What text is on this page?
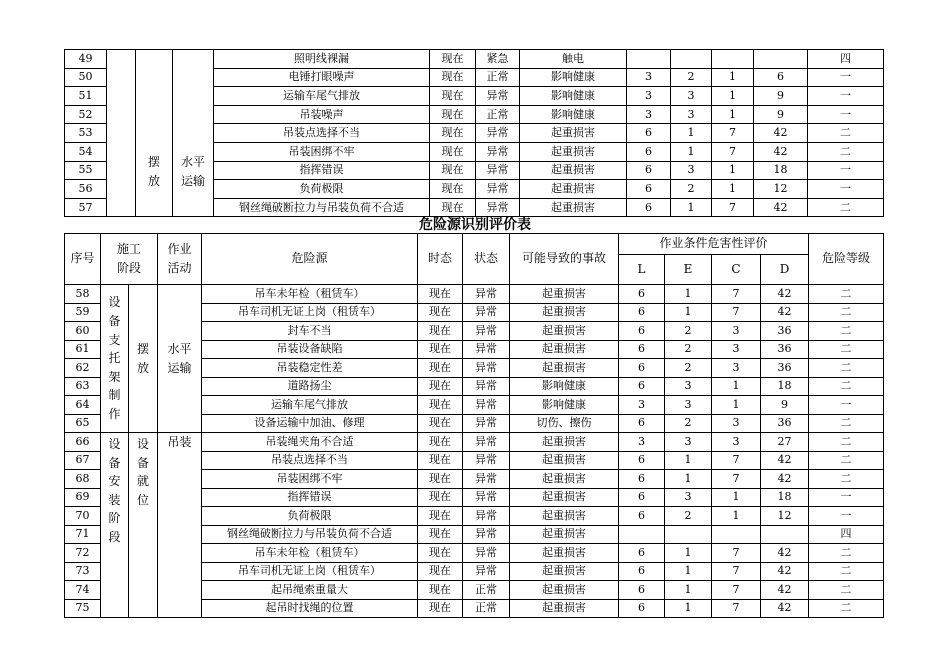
49		摆放	水平运输	照明线裸漏	现在	紧急	触电					四
50				电锤打眼噪声	现在	正常	影响健康	3	2	1	6	一
51				运输车尾气排放	现在	异常	影响健康	3	3	1	9	一
52				吊装噪声	现在	正常	影响健康	3	3	1	9	一
53				吊装点选择不当	现在	异常	起重损害	6	1	7	42	二
54				吊装困绑不牢	现在	异常	起重损害	6	1	7	42	二
55				指挥错误	现在	异常	起重损害	6	3	1	18	一
56				负荷极限	现在	异常	起重损害	6	2	1	12	一
57				钢丝绳破断拉力与吊装负荷不合适	现在	异常	起重损害	6	1	7	42	二
危险源识别评价表
序号	施工阶段		作业活动	危险源	时态	状态	可能导致的事故	作业条件危害性评价				危险等级
								L	E	C	D	
58	设备支托架制作	摆放	水平运输	吊车未年检（租赁车）	现在	异常	起重损害	6	1	7	42	二
59				吊车司机无证上岗（租赁车）	现在	异常	起重损害	6	1	7	42	二
60				封车不当	现在	异常	起重损害	6	2	3	36	二
61				吊装设备缺陷	现在	异常	起重损害	6	2	3	36	二
62				吊装稳定性差	现在	异常	起重损害	6	2	3	36	二
63				道路扬尘	现在	异常	影响健康	6	3	1	18	二
64				运输车尾气排放	现在	异常	影响健康	3	3	1	9	一
65				设备运输中加油、修理	现在	异常	切伤、擦伤	6	2	3	36	二
66	设备安装阶段	设备就位	吊装	吊装绳夹角不合适	现在	异常	起重损害	3	3	3	27	二
67				吊装点选择不当	现在	异常	起重损害	6	1	7	42	二
68				吊装困绑不牢	现在	异常	起重损害	6	1	7	42	二
69				指挥错误	现在	异常	起重损害	6	3	1	18	一
70				负荷极限	现在	异常	起重损害	6	2	1	12	一
71				钢丝绳破断拉力与吊装负荷不合适	现在	异常	起重损害					四
72				吊车未年检（租赁车）	现在	异常	起重损害	6	1	7	42	二
73				吊车司机无证上岗（租赁车）	现在	异常	起重损害	6	1	7	42	二
74				起吊绳索重量大	现在	正常	起重损害	6	1	7	42	二
75				起吊时找绳的位置	现在	正常	起重损害	6	1	7	42	二
